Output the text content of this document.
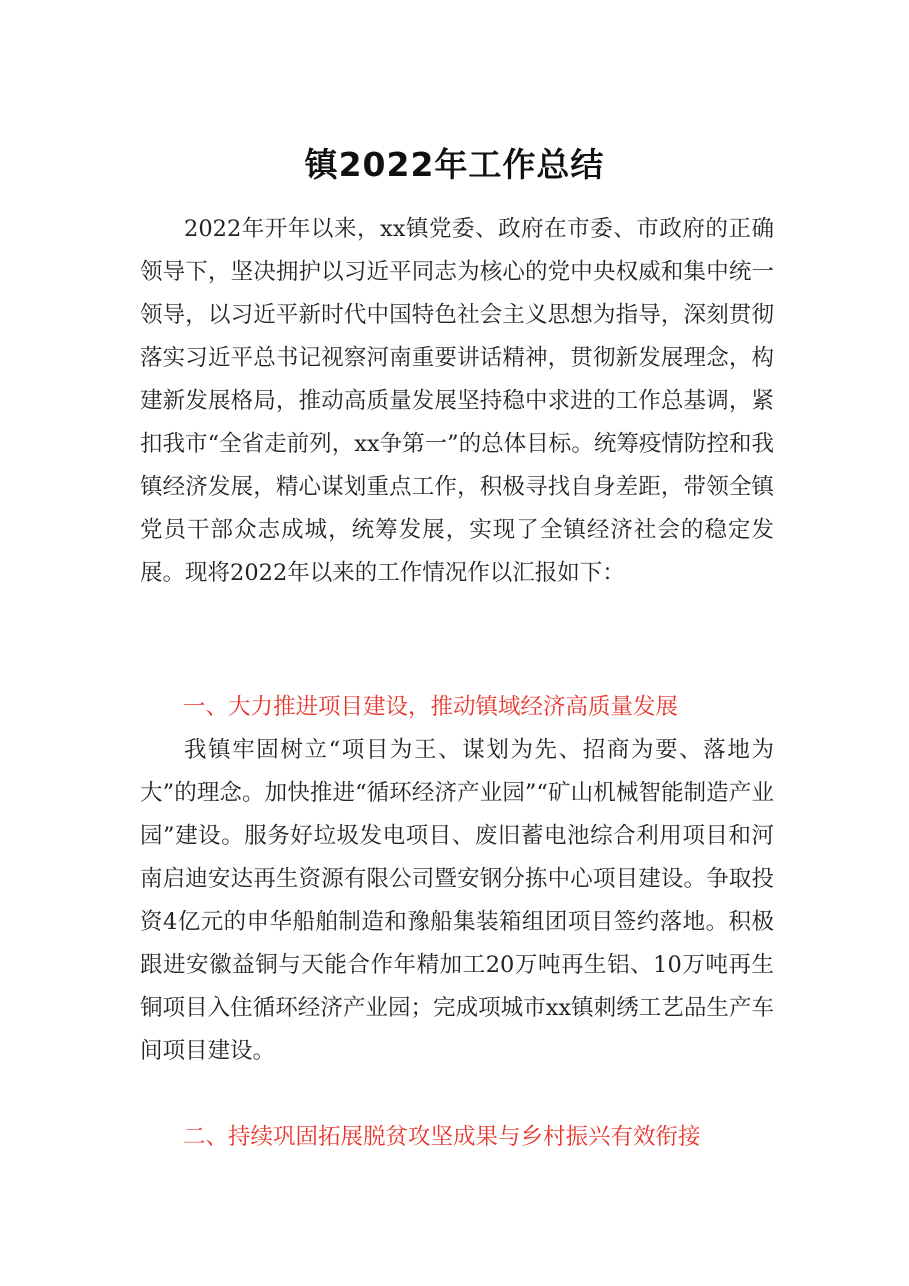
镇2022年工作总结

2022年开年以来，xx镇党委、政府在市委、市政府的正确领导下，坚决拥护以习近平同志为核心的党中央权威和集中统一领导，以习近平新时代中国特色社会主义思想为指导，深刻贯彻落实习近平总书记视察河南重要讲话精神，贯彻新发展理念，构建新发展格局，推动高质量发展坚持稳中求进的工作总基调，紧扣我市“全省走前列，xx争第一”的总体目标。统筹疫情防控和我镇经济发展，精心谋划重点工作，积极寻找自身差距，带领全镇党员干部众志成城，统筹发展，实现了全镇经济社会的稳定发展。现将2022年以来的工作情况作以汇报如下：

一、大力推进项目建设，推动镇域经济高质量发展

我镇牢固树立“项目为王、谋划为先、招商为要、落地为大”的理念。加快推进“循环经济产业园”“矿山机械智能制造产业园”建设。服务好垃圾发电项目、废旧蓄电池综合利用项目和河南启迪安达再生资源有限公司暨安钢分拣中心项目建设。争取投资4亿元的申华船舶制造和豫船集装箱组团项目签约落地。积极跟进安徽益铜与天能合作年精加工20万吨再生铝、10万吨再生铜项目入住循环经济产业园；完成项城市xx镇刺绣工艺品生产车间项目建设。

二、持续巩固拓展脱贫攻坚成果与乡村振兴有效衔接
